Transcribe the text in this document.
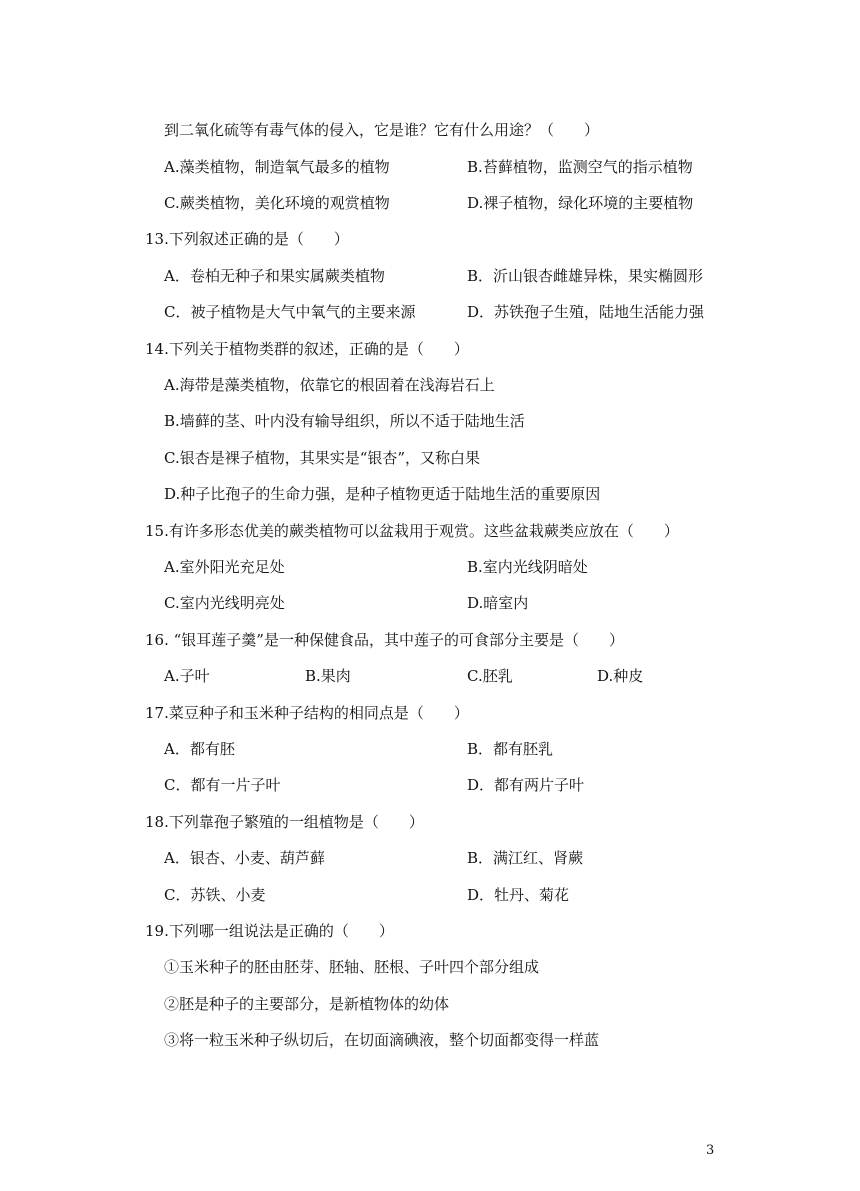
到二氧化硫等有毒气体的侵入，它是谁？它有什么用途？（　　）
A.藻类植物，制造氧气最多的植物	B.苔藓植物，监测空气的指示植物
C.蕨类植物，美化环境的观赏植物	D.裸子植物，绿化环境的主要植物
13.下列叙述正确的是（　　）
A．卷柏无种子和果实属蕨类植物	B．沂山银杏雌雄异株，果实椭圆形
C．被子植物是大气中氧气的主要来源	D．苏铁孢子生殖，陆地生活能力强
14.下列关于植物类群的叙述，正确的是（　　）
A.海带是藻类植物，依靠它的根固着在浅海岩石上
B.墙藓的茎、叶内没有输导组织，所以不适于陆地生活
C.银杏是裸子植物，其果实是“银杏”，又称白果
D.种子比孢子的生命力强，是种子植物更适于陆地生活的重要原因
15.有许多形态优美的蕨类植物可以盆栽用于观赏。这些盆栽蕨类应放在（　　）
A.室外阳光充足处	B.室内光线阴暗处
C.室内光线明亮处	D.暗室内
16. “银耳莲子羹”是一种保健食品，其中莲子的可食部分主要是（　　）
A.子叶	B.果肉	C.胚乳	D.种皮
17.菜豆种子和玉米种子结构的相同点是（　　）
A．都有胚	B．都有胚乳
C．都有一片子叶	D．都有两片子叶
18.下列靠孢子繁殖的一组植物是（　　）
A．银杏、小麦、葫芦藓	B．满江红、肾蕨
C．苏铁、小麦	D．牡丹、菊花
19.下列哪一组说法是正确的（　　）
①玉米种子的胚由胚芽、胚轴、胚根、子叶四个部分组成
②胚是种子的主要部分，是新植物体的幼体
③将一粒玉米种子纵切后，在切面滴碘液，整个切面都变得一样蓝
3
